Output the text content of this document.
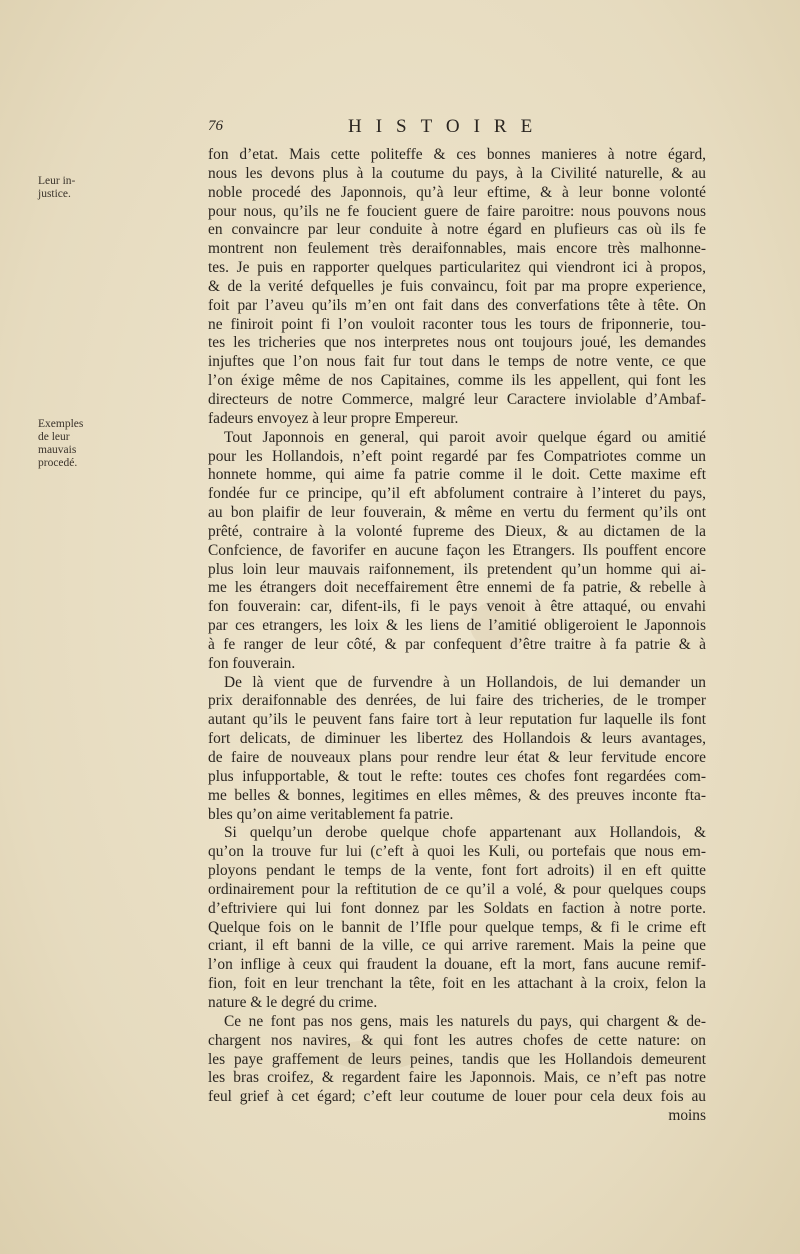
76	HISTOIRE
Leur in-
justice.
Exemples
de leur
mauvais
procedé.
fon d’etat. Mais cette politeffe & ces bonnes manieres à notre égard,
nous les devons plus à la coutume du pays, à la Civilité naturelle, & au
noble procedé des Japonnois, qu’à leur eftime, & à leur bonne volonté
pour nous, qu’ils ne fe foucient guere de faire paroitre: nous pouvons nous
en convaincre par leur conduite à notre égard en plufieurs cas où ils fe
montrent non feulement très deraifonnables, mais encore très malhonne-
tes. Je puis en rapporter quelques particularitez qui viendront ici à propos,
& de la verité defquelles je fuis convaincu, foit par ma propre experience,
foit par l’aveu qu’ils m’en ont fait dans des converfations tête à tête. On
ne finiroit point fi l’on vouloit raconter tous les tours de friponnerie, tou-
tes les tricheries que nos interpretes nous ont toujours joué, les demandes
injuftes que l’on nous fait fur tout dans le temps de notre vente, ce que
l’on éxige même de nos Capitaines, comme ils les appellent, qui font les
directeurs de notre Commerce, malgré leur Caractere inviolable d’Ambaf-
fadeurs envoyez à leur propre Empereur.
Tout Japonnois en general, qui paroit avoir quelque égard ou amitié
pour les Hollandois, n’eft point regardé par fes Compatriotes comme un
honnete homme, qui aime fa patrie comme il le doit. Cette maxime eft
fondée fur ce principe, qu’il eft abfolument contraire à l’interet du pays,
au bon plaifir de leur fouverain, & même en vertu du ferment qu’ils ont
prêté, contraire à la volonté fupreme des Dieux, & au dictamen de la
Confcience, de favorifer en aucune façon les Etrangers. Ils pouffent encore
plus loin leur mauvais raifonnement, ils pretendent qu’un homme qui ai-
me les étrangers doit neceffairement être ennemi de fa patrie, & rebelle à
fon fouverain: car, difent-ils, fi le pays venoit à être attaqué, ou envahi
par ces etrangers, les loix & les liens de l’amitié obligeroient le Japonnois
à fe ranger de leur côté, & par confequent d’être traitre à fa patrie & à
fon fouverain.
De là vient que de furvendre à un Hollandois, de lui demander un
prix deraifonnable des denrées, de lui faire des tricheries, de le tromper
autant qu’ils le peuvent fans faire tort à leur reputation fur laquelle ils font
fort delicats, de diminuer les libertez des Hollandois & leurs avantages,
de faire de nouveaux plans pour rendre leur état & leur fervitude encore
plus infupportable, & tout le refte: toutes ces chofes font regardées com-
me belles & bonnes, legitimes en elles mêmes, & des preuves inconte fta-
bles qu’on aime veritablement fa patrie.
Si quelqu’un derobe quelque chofe appartenant aux Hollandois, &
qu’on la trouve fur lui (c’eft à quoi les Kuli, ou portefais que nous em-
ployons pendant le temps de la vente, font fort adroits) il en eft quitte
ordinairement pour la reftitution de ce qu’il a volé, & pour quelques coups
d’eftriviere qui lui font donnez par les Soldats en faction à notre porte.
Quelque fois on le bannit de l’Ifle pour quelque temps, & fi le crime eft
criant, il eft banni de la ville, ce qui arrive rarement. Mais la peine que
l’on inflige à ceux qui fraudent la douane, eft la mort, fans aucune remif-
fion, foit en leur trenchant la tête, foit en les attachant à la croix, felon la
nature & le degré du crime.
Ce ne font pas nos gens, mais les naturels du pays, qui chargent & de-
chargent nos navires, & qui font les autres chofes de cette nature: on
les paye graffement de leurs peines, tandis que les Hollandois demeurent
les bras croifez, & regardent faire les Japonnois. Mais, ce n’eft pas notre
feul grief à cet égard; c’eft leur coutume de louer pour cela deux fois au
moins
